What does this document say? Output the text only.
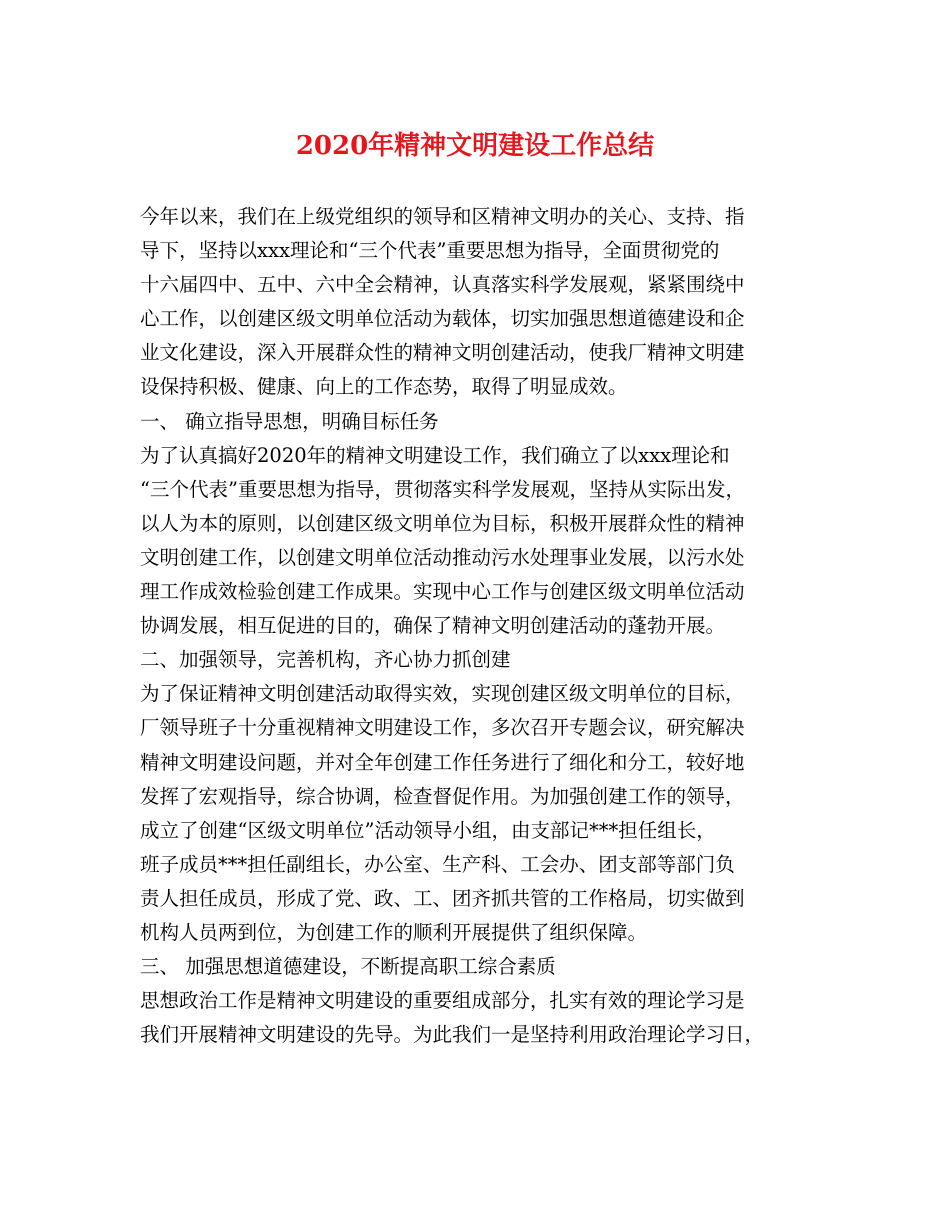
2020年精神文明建设工作总结
今年以来，我们在上级党组织的领导和区精神文明办的关心、支持、指
导下，坚持以xxx理论和“三个代表”重要思想为指导，全面贯彻党的
十六届四中、五中、六中全会精神，认真落实科学发展观，紧紧围绕中
心工作，以创建区级文明单位活动为载体，切实加强思想道德建设和企
业文化建设，深入开展群众性的精神文明创建活动，使我厂精神文明建
设保持积极、健康、向上的工作态势，取得了明显成效。
一、 确立指导思想，明确目标任务
为了认真搞好2020年的精神文明建设工作，我们确立了以xxx理论和
“三个代表”重要思想为指导，贯彻落实科学发展观，坚持从实际出发，
以人为本的原则，以创建区级文明单位为目标，积极开展群众性的精神
文明创建工作，以创建文明单位活动推动污水处理事业发展，以污水处
理工作成效检验创建工作成果。实现中心工作与创建区级文明单位活动
协调发展，相互促进的目的，确保了精神文明创建活动的蓬勃开展。
二、加强领导，完善机构，齐心协力抓创建
为了保证精神文明创建活动取得实效，实现创建区级文明单位的目标，
厂领导班子十分重视精神文明建设工作，多次召开专题会议，研究解决
精神文明建设问题，并对全年创建工作任务进行了细化和分工，较好地
发挥了宏观指导，综合协调，检查督促作用。为加强创建工作的领导，
成立了创建“区级文明单位”活动领导小组，由支部记***担任组长，
班子成员***担任副组长，办公室、生产科、工会办、团支部等部门负
责人担任成员，形成了党、政、工、团齐抓共管的工作格局，切实做到
机构人员两到位，为创建工作的顺利开展提供了组织保障。
三、 加强思想道德建设，不断提高职工综合素质
思想政治工作是精神文明建设的重要组成部分，扎实有效的理论学习是
我们开展精神文明建设的先导。为此我们一是坚持利用政治理论学习日，
